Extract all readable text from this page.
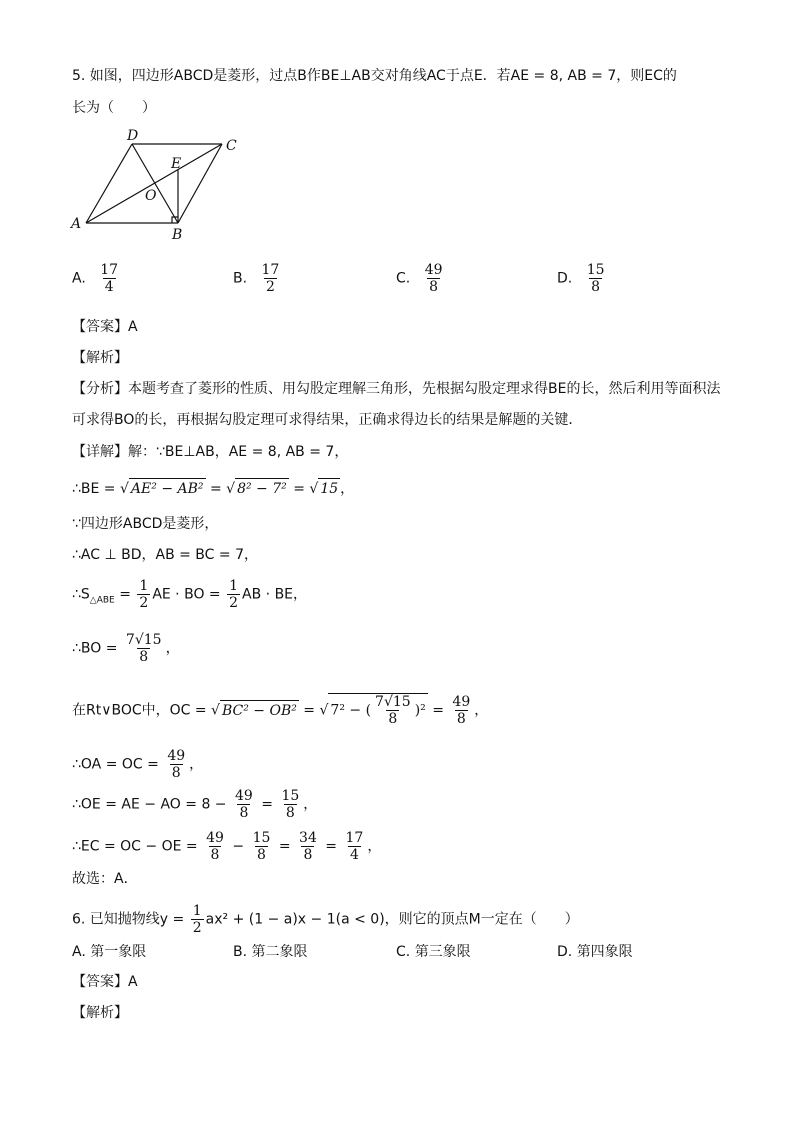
5. 如图，四边形ABCD是菱形，过点B作BE⊥AB交对角线AC于点E．若AE = 8, AB = 7，则EC的
长为（　　）
D
C
E
O
A
B
A. $\frac{17}{4}$	B. $\frac{17}{2}$	C. $\frac{49}{8}$	D. $\frac{15}{8}$
【答案】A
【解析】
【分析】本题考查了菱形的性质、用勾股定理解三角形，先根据勾股定理求得BE的长，然后利用等面积法
可求得BO的长，再根据勾股定理可求得结果，正确求得边长的结果是解题的关键．
【详解】解：∵BE⊥AB，AE = 8, AB = 7，
∴BE = √ AE² − AB² = √ 8² − 7² = √ 15 ，
∵四边形ABCD是菱形，
∴AC ⊥ BD，AB = BC = 7，
$\therefore S_{\triangle ABE} = \frac{1}{2}$ AE · BO = $\frac{1}{2}$ AB · BE，
∴BO = $\frac{7√15}{8}$ ，
在Rt∨BOC中，OC = √ BC² − OB² = √ 7² − ( $\frac{7√15}{8} )^2 = \frac{49}{8}$ ，
∴OA = OC = $\frac{49}{8}$ ，
∴OE = AE − AO = $8 - \frac{49}{8} = \frac{15}{8}$ ，
∴EC = OC − OE = $\frac{49}{8} - \frac{15}{8} = \frac{34}{8} = \frac{17}{4}$ ，
故选：A．
6. 已知抛物线$y = \frac{1}{2} ax^2 + (1 - a)x - 1(a < 0)$，则它的顶点M一定在（　　）
A. 第一象限	B. 第二象限	C. 第三象限	D. 第四象限
【答案】A
【解析】
